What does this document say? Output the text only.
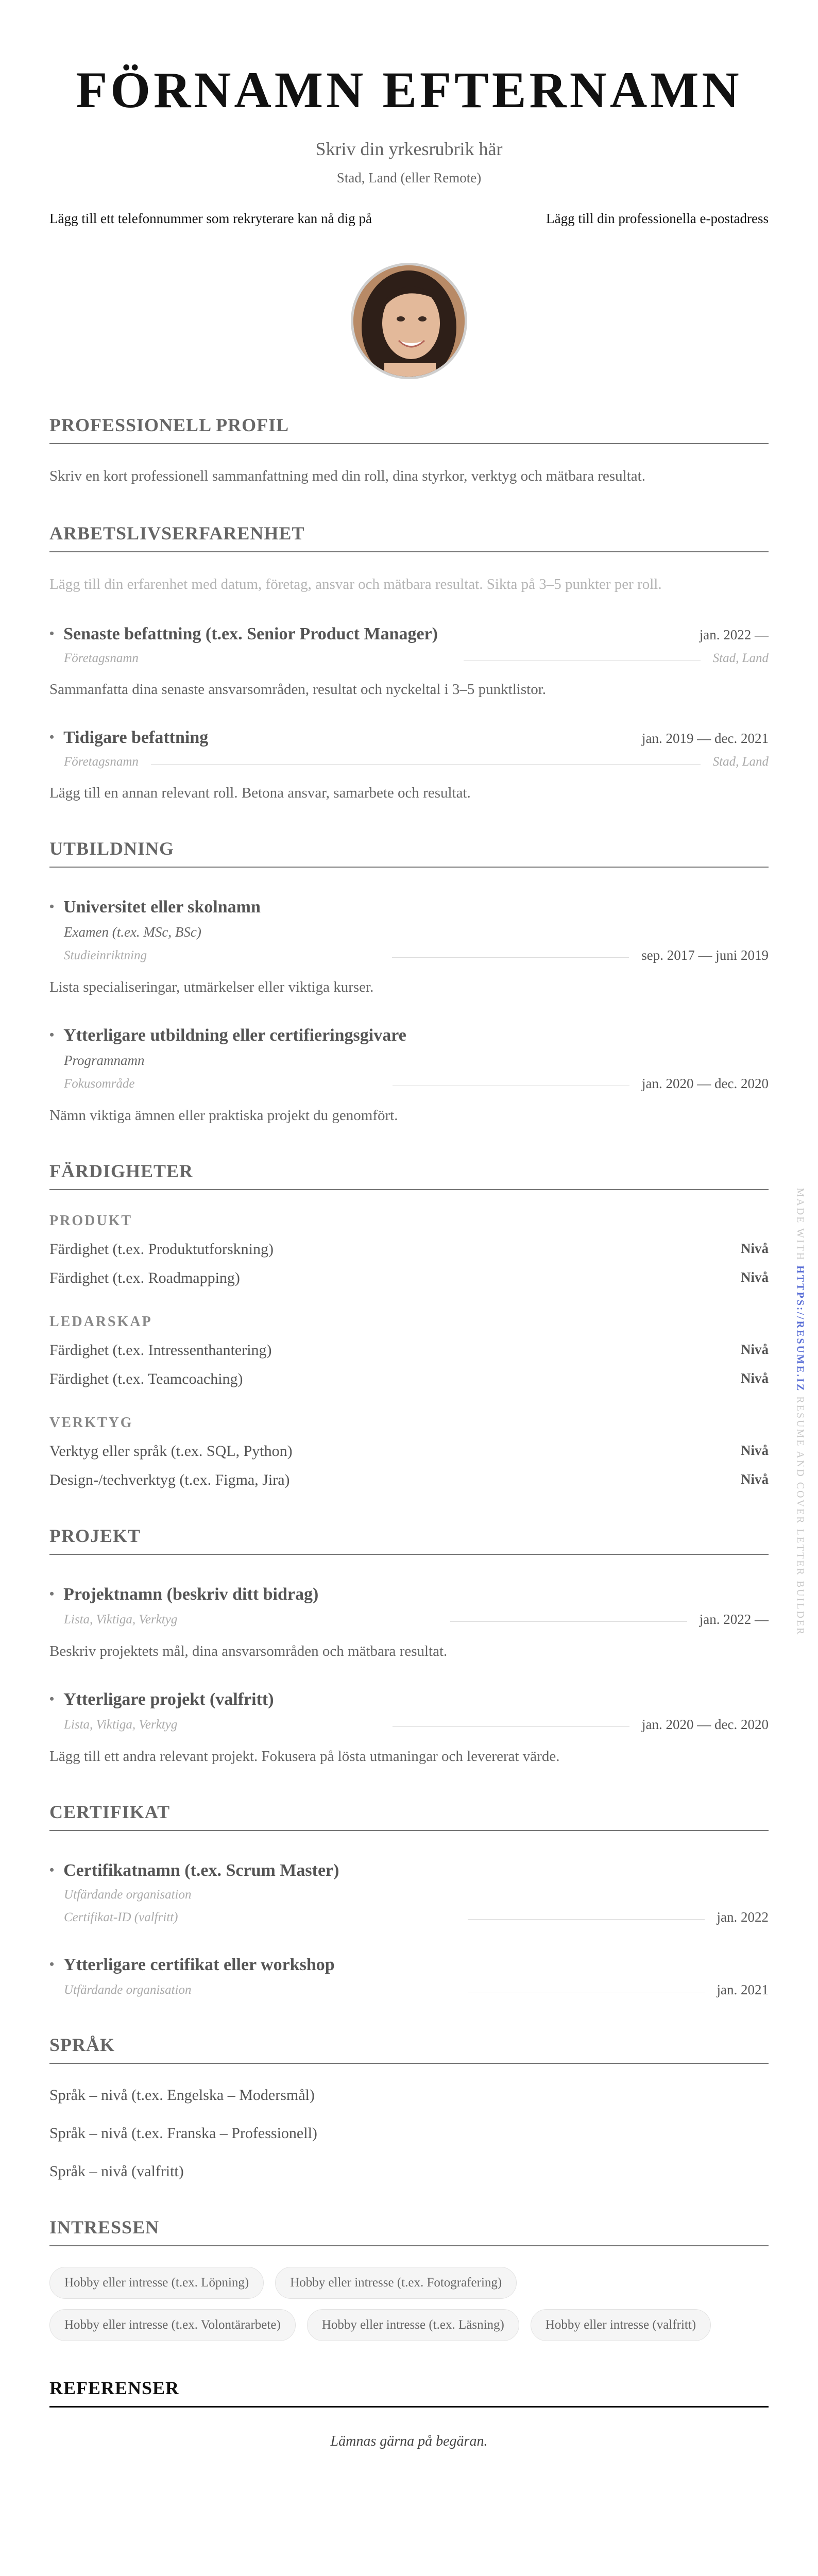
FÖRNAMN EFTERNAMN
Skriv din yrkesrubrik här
Stad, Land (eller Remote)
Lägg till ett telefonnummer som rekryterare kan nå dig på	Lägg till din professionella e-postadress
PROFESSIONELL PROFIL
Skriv en kort professionell sammanfattning med din roll, dina styrkor, verktyg och mätbara resultat.
ARBETSLIVSERFARENHET
Lägg till din erfarenhet med datum, företag, ansvar och mätbara resultat. Sikta på 3–5 punkter per roll.
• Senaste befattning (t.ex. Senior Product Manager)	jan. 2022 —
Företagsnamn	Stad, Land
Sammanfatta dina senaste ansvarsområden, resultat och nyckeltal i 3–5 punktlistor.
• Tidigare befattning	jan. 2019 — dec. 2021
Företagsnamn	Stad, Land
Lägg till en annan relevant roll. Betona ansvar, samarbete och resultat.
UTBILDNING
• Universitet eller skolnamn
Examen (t.ex. MSc, BSc)
Studieinriktning	sep. 2017 — juni 2019
Lista specialiseringar, utmärkelser eller viktiga kurser.
• Ytterligare utbildning eller certifieringsgivare
Programnamn
Fokusområde	jan. 2020 — dec. 2020
Nämn viktiga ämnen eller praktiska projekt du genomfört.
FÄRDIGHETER
PRODUKT
Färdighet (t.ex. Produktutforskning)	Nivå
Färdighet (t.ex. Roadmapping)	Nivå
LEDARSKAP
Färdighet (t.ex. Intressenthantering)	Nivå
Färdighet (t.ex. Teamcoaching)	Nivå
VERKTYG
Verktyg eller språk (t.ex. SQL, Python)	Nivå
Design-/techverktyg (t.ex. Figma, Jira)	Nivå
PROJEKT
• Projektnamn (beskriv ditt bidrag)
Lista, Viktiga, Verktyg	jan. 2022 —
Beskriv projektets mål, dina ansvarsområden och mätbara resultat.
• Ytterligare projekt (valfritt)
Lista, Viktiga, Verktyg	jan. 2020 — dec. 2020
Lägg till ett andra relevant projekt. Fokusera på lösta utmaningar och levererat värde.
CERTIFIKAT
• Certifikatnamn (t.ex. Scrum Master)
Utfärdande organisation
Certifikat-ID (valfritt)	jan. 2022
• Ytterligare certifikat eller workshop
Utfärdande organisation	jan. 2021
SPRÅK
Språk – nivå (t.ex. Engelska – Modersmål)
Språk – nivå (t.ex. Franska – Professionell)
Språk – nivå (valfritt)
INTRESSEN
Hobby eller intresse (t.ex. Löpning)	Hobby eller intresse (t.ex. Fotografering)
Hobby eller intresse (t.ex. Volontärarbete)	Hobby eller intresse (t.ex. Läsning)	Hobby eller intresse (valfritt)
REFERENSER
Lämnas gärna på begäran.
MADE WITH HTTPS://RESUME.IZ RESUME AND COVER LETTER BUILDER
